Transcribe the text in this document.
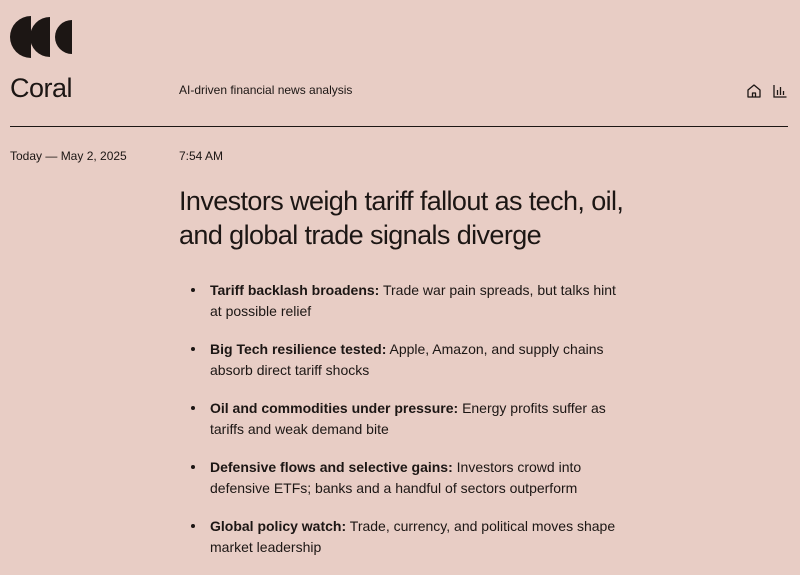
Coral	AI-driven financial news analysis
Today — May 2, 2025	7:54 AM
Investors weigh tariff fallout as tech, oil, and global trade signals diverge
Tariff backlash broadens: Trade war pain spreads, but talks hint at possible relief
Big Tech resilience tested: Apple, Amazon, and supply chains absorb direct tariff shocks
Oil and commodities under pressure: Energy profits suffer as tariffs and weak demand bite
Defensive flows and selective gains: Investors crowd into defensive ETFs; banks and a handful of sectors outperform
Global policy watch: Trade, currency, and political moves shape market leadership
